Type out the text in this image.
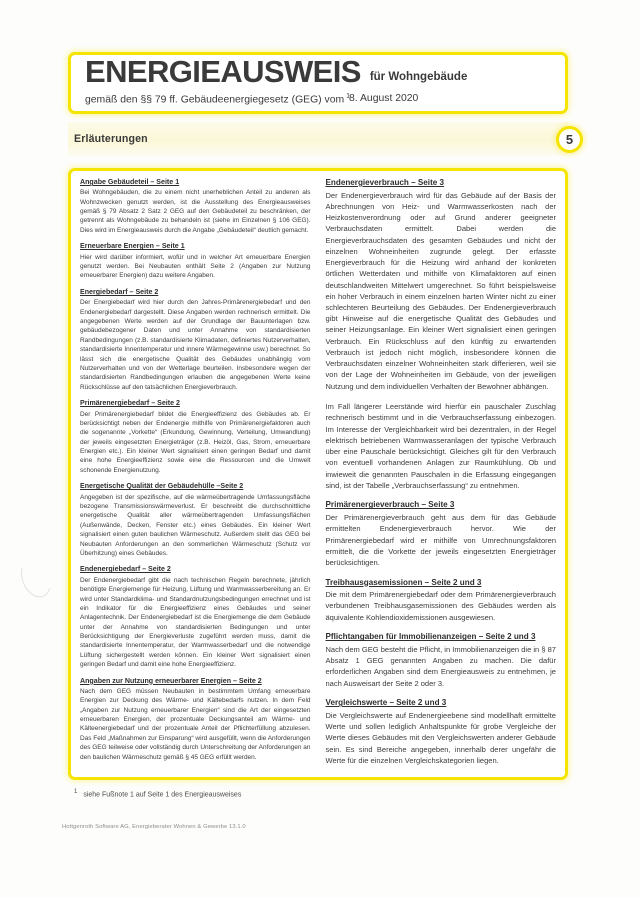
ENERGIEAUSWEIS für Wohngebäude
gemäß den §§ 79 ff. Gebäudeenergiegesetz (GEG) vom $^1$
8. August 2020
Erläuterungen	5
Angabe Gebäudeteil – Seite 1
Bei Wohngebäuden, die zu einem nicht unerheblichen Anteil zu anderen als Wohnzwecken genutzt werden, ist die Ausstellung des Energieausweises gemäß § 79 Absatz 2 Satz 2 GEG auf den Gebäudeteil zu beschränken, der getrennt als Wohngebäude zu behandeln ist (siehe im Einzelnen § 106 GEG). Dies wird im Energieausweis durch die Angabe „Gebäudeteil“ deutlich gemacht.
Erneuerbare Energien – Seite 1
Hier wird darüber informiert, wofür und in welcher Art erneuerbare Energien genutzt werden. Bei Neubauten enthält Seite 2 (Angaben zur Nutzung erneuerbarer Energien) dazu weitere Angaben.
Energiebedarf – Seite 2
Der Energiebedarf wird hier durch den Jahres-Primärenergiebedarf und den Endenergiebedarf dargestellt. Diese Angaben werden rechnerisch ermittelt. Die angegebenen Werte werden auf der Grundlage der Bauunterlagen bzw. gebäudebezogener Daten und unter Annahme von standardisierten Randbedingungen (z.B. standardisierte Klimadaten, definiertes Nutzerverhalten, standardisierte Innentemperatur und innere Wärmegewinne usw.) berechnet. So lässt sich die energetische Qualität des Gebäudes unabhängig vom Nutzerverhalten und von der Wetterlage beurteilen. Insbesondere wegen der standardisierten Randbedingungen erlauben die angegebenen Werte keine Rückschlüsse auf den tatsächlichen Energieverbrauch.
Primärenergiebedarf – Seite 2
Der Primärenergiebedarf bildet die Energieeffizienz des Gebäudes ab. Er berücksichtigt neben der Endenergie mithilfe von Primärenergiefaktoren auch die sogenannte „Vorkette“ (Erkundung, Gewinnung, Verteilung, Umwandlung) der jeweils eingesetzten Energieträger (z.B. Heizöl, Gas, Strom, erneuerbare Energien etc.). Ein kleiner Wert signalisiert einen geringen Bedarf und damit eine hohe Energieeffizienz sowie eine die Ressourcen und die Umwelt schonende Energienutzung.
Energetische Qualität der Gebäudehülle –Seite 2
Angegeben ist der spezifische, auf die wärmeübertragende Umfassungsfläche bezogene Transmissionswärmeverlust. Er beschreibt die durchschnittliche energetische Qualität aller wärmeübertragenden Umfassungsflächen (Außenwände, Decken, Fenster etc.) eines Gebäudes. Ein kleiner Wert signalisiert einen guten baulichen Wärmeschutz. Außerdem stellt das GEG bei Neubauten Anforderungen an den sommerlichen Wärmeschutz (Schutz vor Überhitzung) eines Gebäudes.
Endenergiebedarf – Seite 2
Der Endenergiebedarf gibt die nach technischen Regeln berechnete, jährlich benötigte Energiemenge für Heizung, Lüftung und Warmwasserbereitung an. Er wird unter Standardklima- und Standardnutzungsbedingungen errechnet und ist ein Indikator für die Energieeffizienz eines Gebäudes und seiner Anlagentechnik. Der Endenergiebedarf ist die Energiemenge die dem Gebäude unter der Annahme von standardisierten Bedingungen und unter Berücksichtigung der Energieverluste zugeführt werden muss, damit die standardisierte Innentemperatur, der Warmwasserbedarf und die notwendige Lüftung sichergestellt werden können. Ein kleiner Wert signalisiert einen geringen Bedarf und damit eine hohe Energieeffizienz.
Angaben zur Nutzung erneuerbarer Energien – Seite 2
Nach dem GEG müssen Neubauten in bestimmtem Umfang erneuerbare Energien zur Deckung des Wärme- und Kältebedarfs nutzen. In dem Feld „Angaben zur Nutzung erneuerbarer Energien“ sind die Art der eingesetzten erneuerbaren Energien, der prozentuale Deckungsanteil am Wärme- und Kälteenergiebedarf und der prozentuale Anteil der Pflichterfüllung abzulesen. Das Feld „Maßnahmen zur Einsparung“ wird ausgefüllt, wenn die Anforderungen des GEG teilweise oder vollständig durch Unterschreitung der Anforderungen an den baulichen Wärmeschutz gemäß § 45 GEG erfüllt werden.
Endenergieverbrauch – Seite 3
Der Endenergieverbrauch wird für das Gebäude auf der Basis der Abrechnungen von Heiz- und Warmwasserkosten nach der Heizkostenverordnung oder auf Grund anderer geeigneter Verbrauchsdaten ermittelt. Dabei werden die Energieverbrauchsdaten des gesamten Gebäudes und nicht der einzelnen Wohneinheiten zugrunde gelegt. Der erfasste Energieverbrauch für die Heizung wird anhand der konkreten örtlichen Wetterdaten und mithilfe von Klimafaktoren auf einen deutschlandweiten Mittelwert umgerechnet. So führt beispielsweise ein hoher Verbrauch in einem einzelnen harten Winter nicht zu einer schlechteren Beurteilung des Gebäudes. Der Endenergieverbrauch gibt Hinweise auf die energetische Qualität des Gebäudes und seiner Heizungsanlage. Ein kleiner Wert signalisiert einen geringen Verbrauch. Ein Rückschluss auf den künftig zu erwartenden Verbrauch ist jedoch nicht möglich, insbesondere können die Verbrauchsdaten einzelner Wohneinheiten stark differieren, weil sie von der Lage der Wohneinheiten im Gebäude, von der jeweiligen Nutzung und dem individuellen Verhalten der Bewohner abhängen.
Im Fall längerer Leerstände wird hierfür ein pauschaler Zuschlag rechnerisch bestimmt und in die Verbrauchserfassung einbezogen. Im Interesse der Vergleichbarkeit wird bei dezentralen, in der Regel elektrisch betriebenen Warmwasseranlagen der typische Verbrauch über eine Pauschale berücksichtigt. Gleiches gilt für den Verbrauch von eventuell vorhandenen Anlagen zur Raumkühlung. Ob und inwieweit die genannten Pauschalen in die Erfassung eingegangen sind, ist der Tabelle „Verbrauchserfassung“ zu entnehmen.
Primärenergieverbrauch – Seite 3
Der Primärenergieverbrauch geht aus dem für das Gebäude ermittelten Endenergieverbrauch hervor. Wie der Primärenergiebedarf wird er mithilfe von Umrechnungsfaktoren ermittelt, die die Vorkette der jeweils eingesetzten Energieträger berücksichtigen.
Treibhausgasemissionen – Seite 2 und 3
Die mit dem Primärenergiebedarf oder dem Primärenergieverbrauch verbundenen Treibhausgasemissionen des Gebäudes werden als äquivalente Kohlendioxidemissionen ausgewiesen.
Pflichtangaben für Immobilienanzeigen – Seite 2 und 3
Nach dem GEG besteht die Pflicht, in Immobilienanzeigen die in § 87 Absatz 1 GEG genannten Angaben zu machen. Die dafür erforderlichen Angaben sind dem Energieausweis zu entnehmen, je nach Ausweisart der Seite 2 oder 3.
Vergleichswerte – Seite 2 und 3
Die Vergleichswerte auf Endenergieebene sind modellhaft ermittelte Werte und sollen lediglich Anhaltspunkte für grobe Vergleiche der Werte dieses Gebäudes mit den Vergleichswerten anderer Gebäude sein. Es sind Bereiche angegeben, innerhalb derer ungefähr die Werte für die einzelnen Vergleichskategorien liegen.
1 siehe Fußnote 1 auf Seite 1 des Energieausweises
Hottgenroth Software AG, Energieberater Wohnen & Gewerbe 13.1.0
